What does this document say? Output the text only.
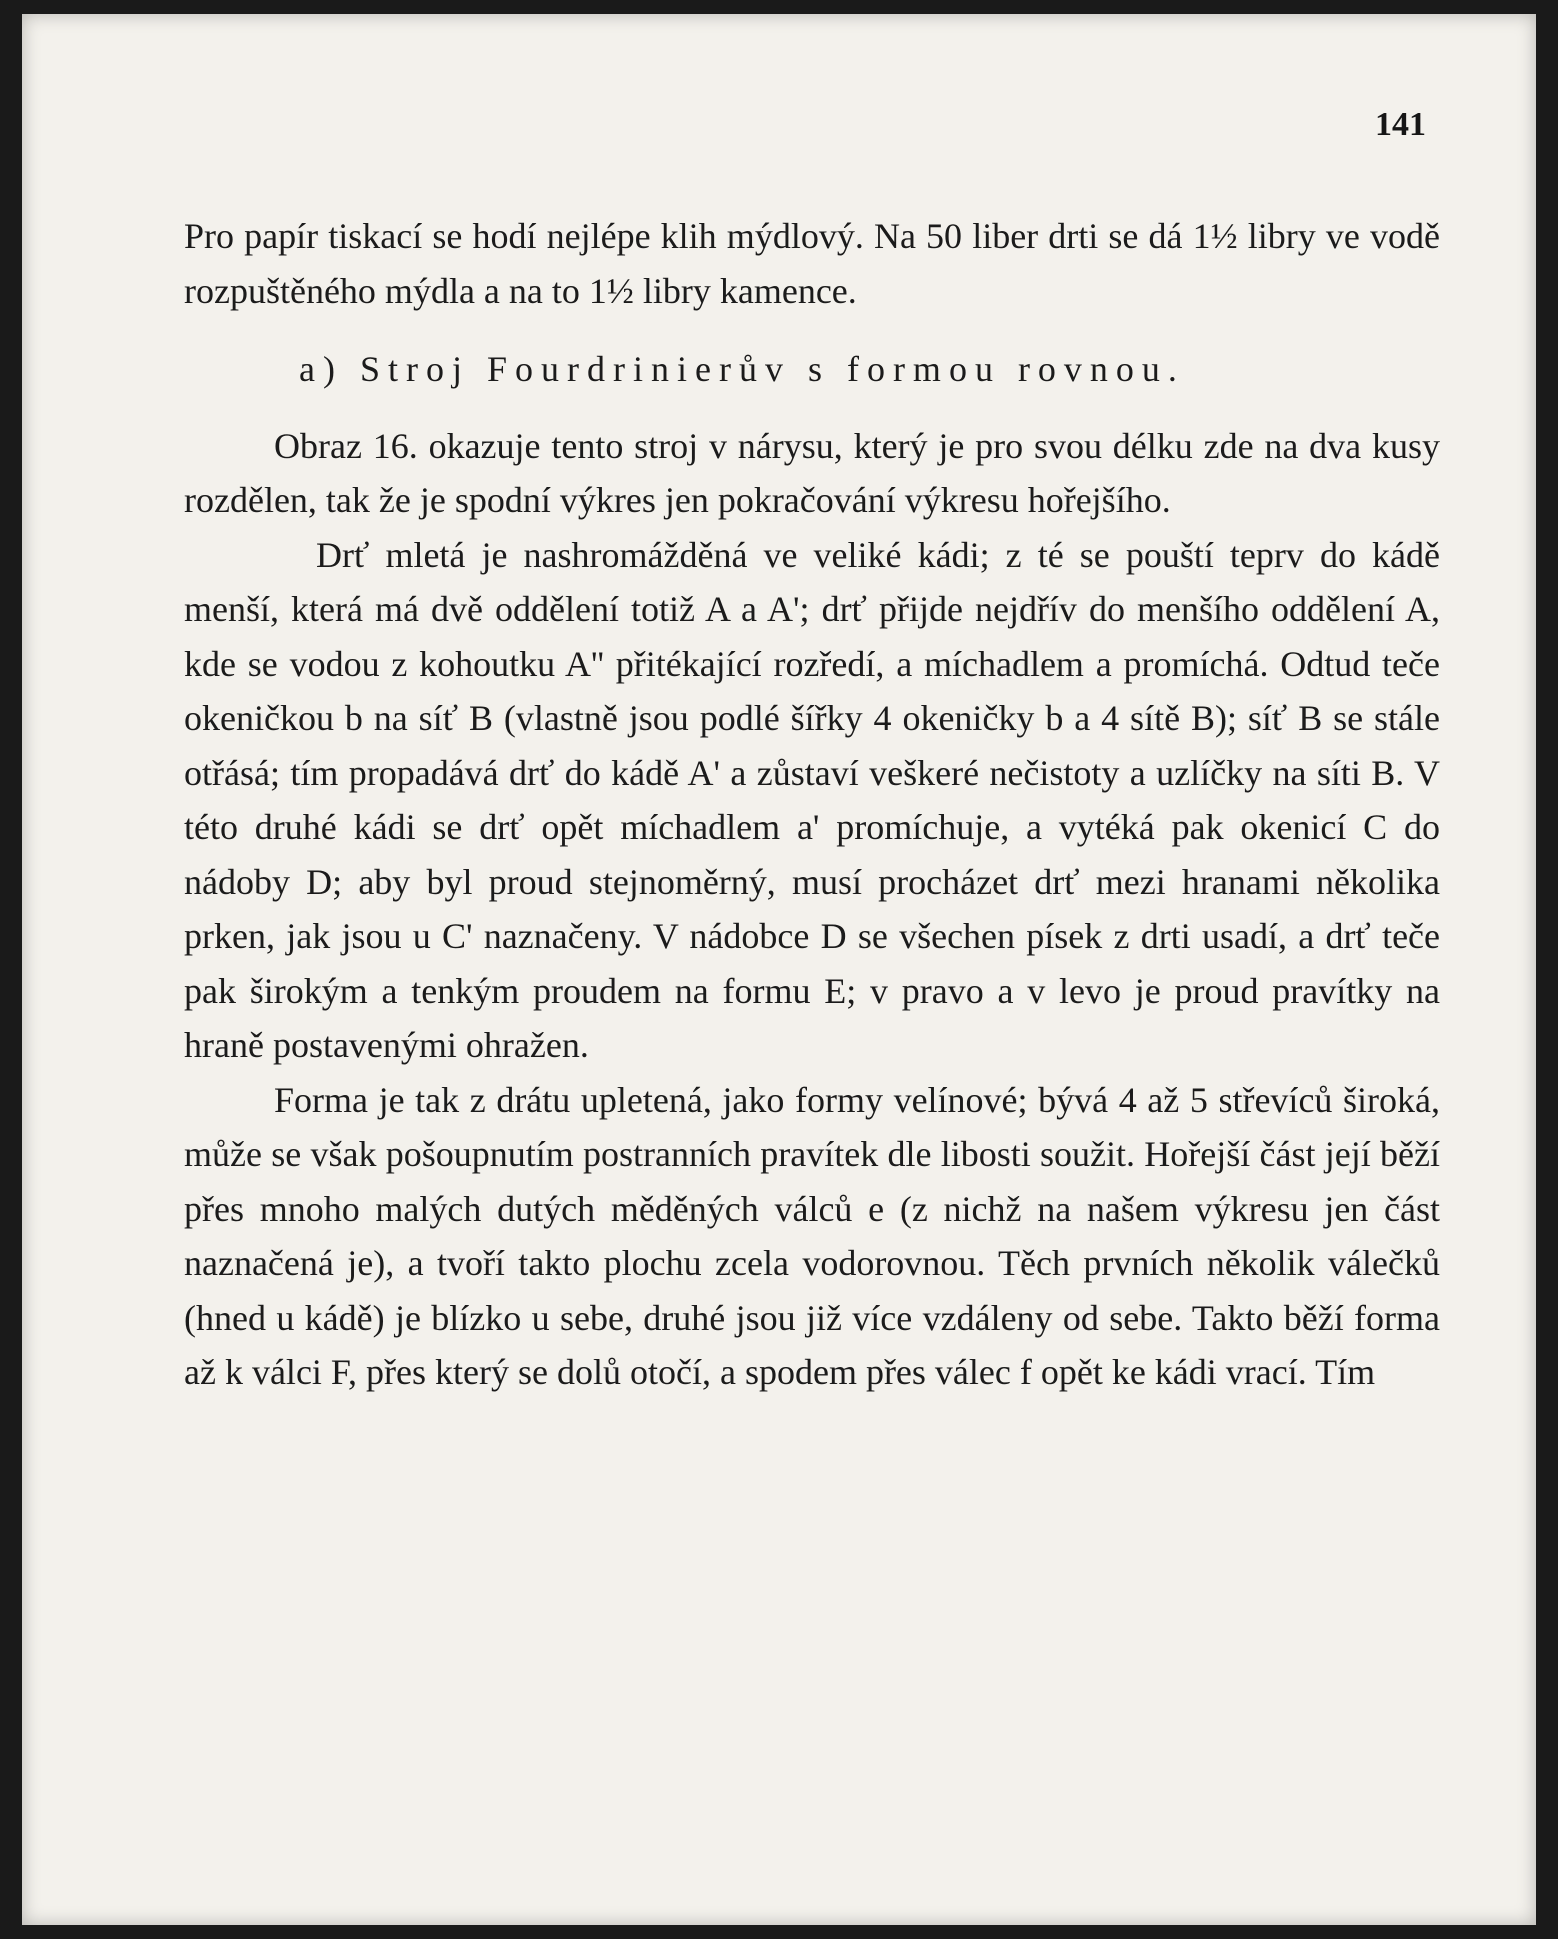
141

Pro papír tiskací se hodí nejlépe klih mýdlový. Na 50 liber drti se dá 1½ libry ve vodě rozpuštěného mýdla a na to 1½ libry kamence.

a) Stroj Fourdrinierův s formou rovnou.

Obraz 16. okazuje tento stroj v nárysu, který je pro svou délku zde na dva kusy rozdělen, tak že je spodní výkres jen pokračování výkresu hořejšího.

Drť mletá je nashromážděná ve veliké kádi; z té se pouští teprv do kádě menší, která má dvě oddělení totiž A a A'; drť přijde nejdřív do menšího oddělení A, kde se vodou z kohoutku A'' přitékající rozředí, a míchadlem a promíchá. Odtud teče okeničkou b na síť B (vlastně jsou podlé šířky 4 okeničky b a 4 sítě B); síť B se stále otřásá; tím propadává drť do kádě A' a zůstaví veškeré nečistoty a uzlíčky na síti B. V této druhé kádi se drť opět míchadlem a' promíchuje, a vytéká pak okenicí C do nádoby D; aby byl proud stejnoměrný, musí procházet drť mezi hranami několika prken, jak jsou u C' naznačeny. V nádobce D se všechen písek z drti usadí, a drť teče pak širokým a tenkým proudem na formu E; v pravo a v levo je proud pravítky na hraně postavenými ohražen.

Forma je tak z drátu upletená, jako formy velínové; bývá 4 až 5 střevíců široká, může se však pošoupnutím postranních pravítek dle libosti soužit. Hořejší část její běží přes mnoho malých dutých měděných válců e (z nichž na našem výkresu jen část naznačená je), a tvoří takto plochu zcela vodorovnou. Těch prvních několik válečků (hned u kádě) je blízko u sebe, druhé jsou již více vzdáleny od sebe. Takto běží forma až k válci F, přes který se dolů otočí, a spodem přes válec f opět ke kádi vrací. Tím
